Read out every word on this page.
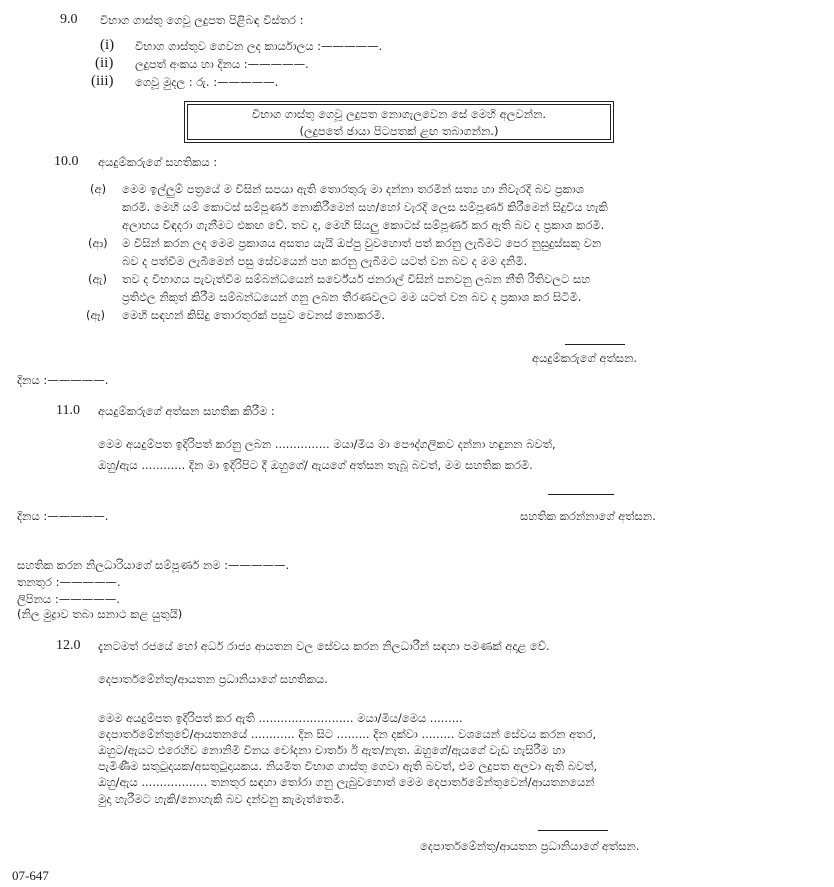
9.0 විභාග ගාස්තු ගෙවූ ලදුපත පිළිබඳ විස්තර :
(i) විභාග ගාස්තුව ගෙවන ලද කාර්යාලය :—————.
(ii) ලදුපත් අංකය හා දිනය :—————.
(iii) ගෙවූ මුදල : රු. :—————.
විභාග ගාස්තු ගෙවූ ලදුපත නොගැලවෙන සේ මෙහි අලවන්න.
(ලදුපතේ ඡායා පිටපතක් ළඟ තබාගන්න.)
10.0 අයදුම්කරුගේ සහතිකය :
(අ) මෙම ඉල්ලුම් පත්‍රයේ ම විසින් සපයා ඇති තොරතුරු මා දන්නා තරමින් සත්‍ය හා නිවැරදි බව ප්‍රකාශ
කරමි. මෙහි යම් කොටස් සම්පූර්ණ නොකිරීමෙන් සහ/හෝ වැරදි ලෙස සම්පූර්ණ කිරීමෙන් සිදුවිය හැකි
අලාභය විඳදරා ගැනීමට එකඟ වේ. තව ද, මෙහි සියලු කොටස් සම්පූර්ණ කර ඇති බව ද ප්‍රකාශ කරමි.
(ආ) ම විසින් කරන ලද මෙම ප්‍රකාශය අසත්‍ය යැයි ඔප්පු වුවහොත් පත් කරනු ලැබීමට පෙර නුසුදුස්සකු වන
බව ද පත්වීම ලැබීමෙන් පසු සේවයෙන් පහ කරනු ලැබීමට යටත් වන බව ද මම දනිමි.
(ඇ) තව ද විභාගය පැවැත්වීම සම්බන්ධයෙන් සර්වේයර් ජනරාල් විසින් පනවනු ලබන නීති රීතිවලට සහ
ප්‍රතිඵල නිකුත් කිරීම සම්බන්ධයෙන් ගනු ලබන තීරණවලට මම යටත් වන බව ද ප්‍රකාශ කර සිටිමි.
(ඈ) මෙහි සඳහන් කිසිදු තොරතුරක් පසුව වෙනස් නොකරමි.
අයදුම්කරුගේ අත්සන.
දිනය :—————.
11.0 අයදුම්කරුගේ අත්සන සහතික කිරීම :
මෙම අයදුම්පත ඉදිරිපත් කරනු ලබන ............... මයා/මිය මා පෞද්ගලිකව දන්නා හඳුනන බවත්,
ඔහු/ඇය ............ දින මා ඉදිරිපිට දී ඔහුගේ/ ඇයගේ අත්සන තැබූ බවත්, මම සහතික කරමි.
දිනය :—————.	සහතික කරන්නාගේ අත්සන.
සහතික කරන නිලධාරියාගේ සම්පූර්ණ නම :—————.
තනතුර :—————.
ලිපිනය :—————.
(නිල මුද්‍රාව තබා සනාථ කළ යුතුයි)
12.0 දැනටමත් රජයේ හෝ අර්ධ රාජ්‍ය ආයතන වල සේවය කරන නිලධාරීන් සඳහා පමණක් අදාළ වේ.
දෙපාර්තමේන්තු/ආයතන ප්‍රධානියාගේ සහතිකය.
මෙම අයදුම්පත ඉදිරිපත් කර ඇති .......................... මයා/මිය/මෙය .........
දෙපාර්තමේන්තුවේ/ආයතනයේ ............ දින සිට ......... දින දක්වා ......... වශයෙන් සේවය කරන අතර,
ඔහුට/ඇයට එරෙහිව නොනිමි විනය චෝදනා චාර්තා ඊ ඇත/නැත. ඔහුගේ/ඇයගේ වැඩ හැසිරීම හා
පැමිණීම සතුටුදායක/අසතුටුදායකය. නියමිත විභාග ගාස්තු ගෙවා ඇති බවත්, එම ලදුපත අලවා ඇති බවත්,
ඔහු/ඇය .................. තනතුර සඳහා තෝරා ගනු ලැබුවහොත් මෙම දෙපාර්තමේන්තුවෙන්/ආයතනයෙන්
මුදා හැරීමට හැකි/නොහැකි බව දන්වනු කැමැත්තෙමි.
දෙපාර්තමේන්තු/ආයතන ප්‍රධානියාගේ අත්සන.
07-647
